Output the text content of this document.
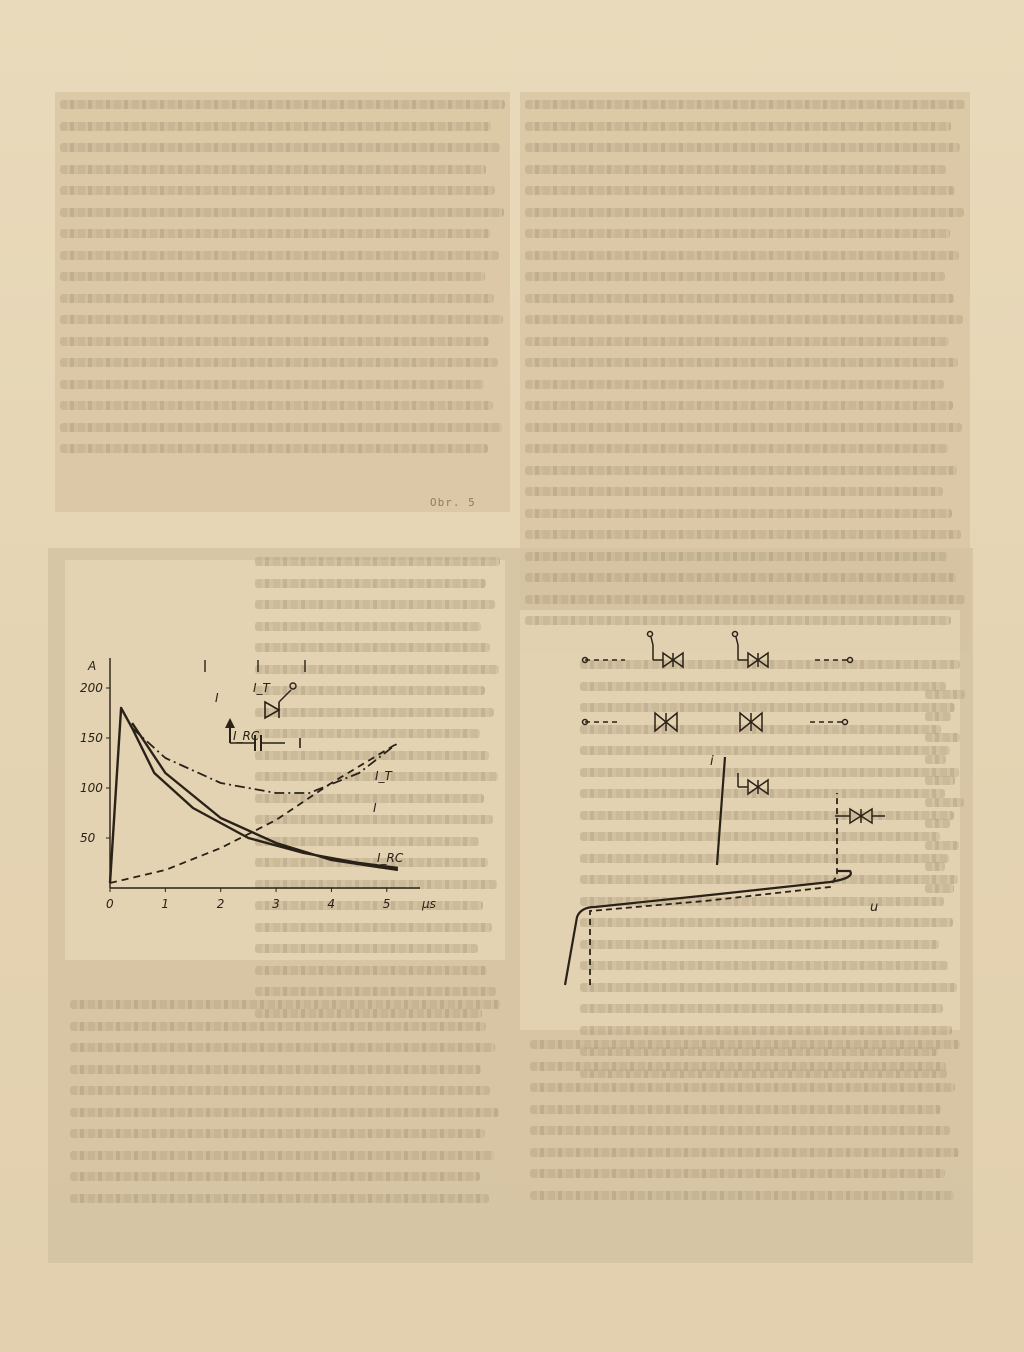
Obr. 5
0	1	2	3	4	5
50
100
150
200
μs
A
I
I_T
I_RC
I_T
I
I_RC
i
u
